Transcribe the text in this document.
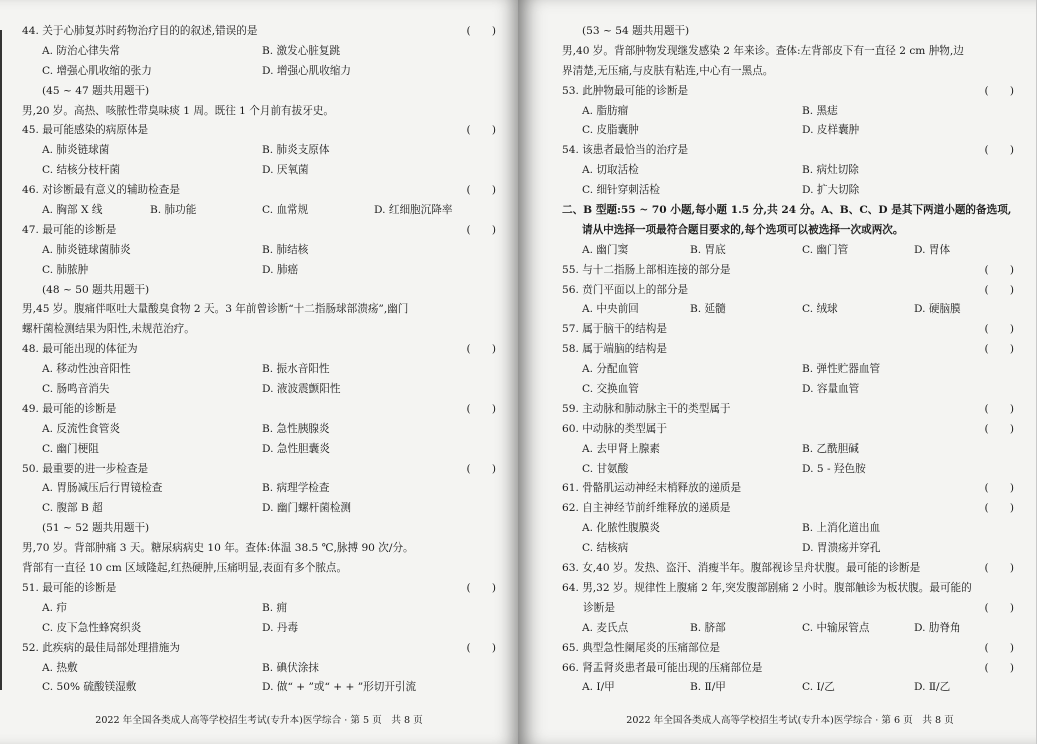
44. 关于心肺复苏时药物治疗目的的叙述,错误的是	(　　)
A. 防治心律失常	B. 激发心脏复跳
C. 增强心肌收缩的张力	D. 增强心肌收缩力
(45 ~ 47 题共用题干)
男,20 岁。高热、咳脓性带臭味痰 1 周。既往 1 个月前有拔牙史。
45. 最可能感染的病原体是	(　　)
A. 肺炎链球菌	B. 肺炎支原体
C. 结核分枝杆菌	D. 厌氧菌
46. 对诊断最有意义的辅助检查是	(　　)
A. 胸部 X 线	B. 肺功能	C. 血常规	D. 红细胞沉降率
47. 最可能的诊断是	(　　)
A. 肺炎链球菌肺炎	B. 肺结核
C. 肺脓肿	D. 肺癌
(48 ~ 50 题共用题干)
男,45 岁。腹痛伴呕吐大量酸臭食物 2 天。3 年前曾诊断“十二指肠球部溃疡”,幽门
螺杆菌检测结果为阳性,未规范治疗。
48. 最可能出现的体征为	(　　)
A. 移动性浊音阳性	B. 振水音阳性
C. 肠鸣音消失	D. 液波震颤阳性
49. 最可能的诊断是	(　　)
A. 反流性食管炎	B. 急性胰腺炎
C. 幽门梗阻	D. 急性胆囊炎
50. 最重要的进一步检查是	(　　)
A. 胃肠减压后行胃镜检查	B. 病理学检查
C. 腹部 B 超	D. 幽门螺杆菌检测
(51 ~ 52 题共用题干)
男,70 岁。背部肿痛 3 天。糖尿病病史 10 年。查体:体温 38.5 ℃,脉搏 90 次/分。
背部有一直径 10 cm 区域隆起,红热硬肿,压痛明显,表面有多个脓点。
51. 最可能的诊断是	(　　)
A. 疖	B. 痈
C. 皮下急性蜂窝织炎	D. 丹毒
52. 此疾病的最佳局部处理措施为	(　　)
A. 热敷	B. 碘伏涂抹
C. 50% 硫酸镁湿敷	D. 做“ + ”或“ + + ”形切开引流
2022 年全国各类成人高等学校招生考试(专升本)医学综合 · 第 5 页　共 8 页
(53 ~ 54 题共用题干)
男,40 岁。背部肿物发现继发感染 2 年来诊。查体:左背部皮下有一直径 2 cm 肿物,边
界清楚,无压痛,与皮肤有粘连,中心有一黑点。
53. 此肿物最可能的诊断是	(　　)
A. 脂肪瘤	B. 黑痣
C. 皮脂囊肿	D. 皮样囊肿
54. 该患者最恰当的治疗是	(　　)
A. 切取活检	B. 病灶切除
C. 细针穿刺活检	D. 扩大切除
二、B 型题:55 ~ 70 小题,每小题 1.5 分,共 24 分。A、B、C、D 是其下两道小题的备选项,
请从中选择一项最符合题目要求的,每个选项可以被选择一次或两次。
A. 幽门窦	B. 胃底	C. 幽门管	D. 胃体
55. 与十二指肠上部相连接的部分是	(　　)
56. 贲门平面以上的部分是	(　　)
A. 中央前回	B. 延髓	C. 绒球	D. 硬脑膜
57. 属于脑干的结构是	(　　)
58. 属于端脑的结构是	(　　)
A. 分配血管	B. 弹性贮器血管
C. 交换血管	D. 容量血管
59. 主动脉和肺动脉主干的类型属于	(　　)
60. 中动脉的类型属于	(　　)
A. 去甲肾上腺素	B. 乙酰胆碱
C. 甘氨酸	D. 5 - 羟色胺
61. 骨骼肌运动神经末梢释放的递质是	(　　)
62. 自主神经节前纤维释放的递质是	(　　)
A. 化脓性腹膜炎	B. 上消化道出血
C. 结核病	D. 胃溃疡并穿孔
63. 女,40 岁。发热、盗汗、消瘦半年。腹部视诊呈舟状腹。最可能的诊断是	(　　)
64. 男,32 岁。规律性上腹痛 2 年,突发腹部剧痛 2 小时。腹部触诊为板状腹。最可能的
　　诊断是	(　　)
A. 麦氏点	B. 脐部	C. 中输尿管点	D. 肋脊角
65. 典型急性阑尾炎的压痛部位是	(　　)
66. 肾盂肾炎患者最可能出现的压痛部位是	(　　)
A. Ⅰ/甲	B. Ⅱ/甲	C. Ⅰ/乙	D. Ⅱ/乙
2022 年全国各类成人高等学校招生考试(专升本)医学综合 · 第 6 页　共 8 页
